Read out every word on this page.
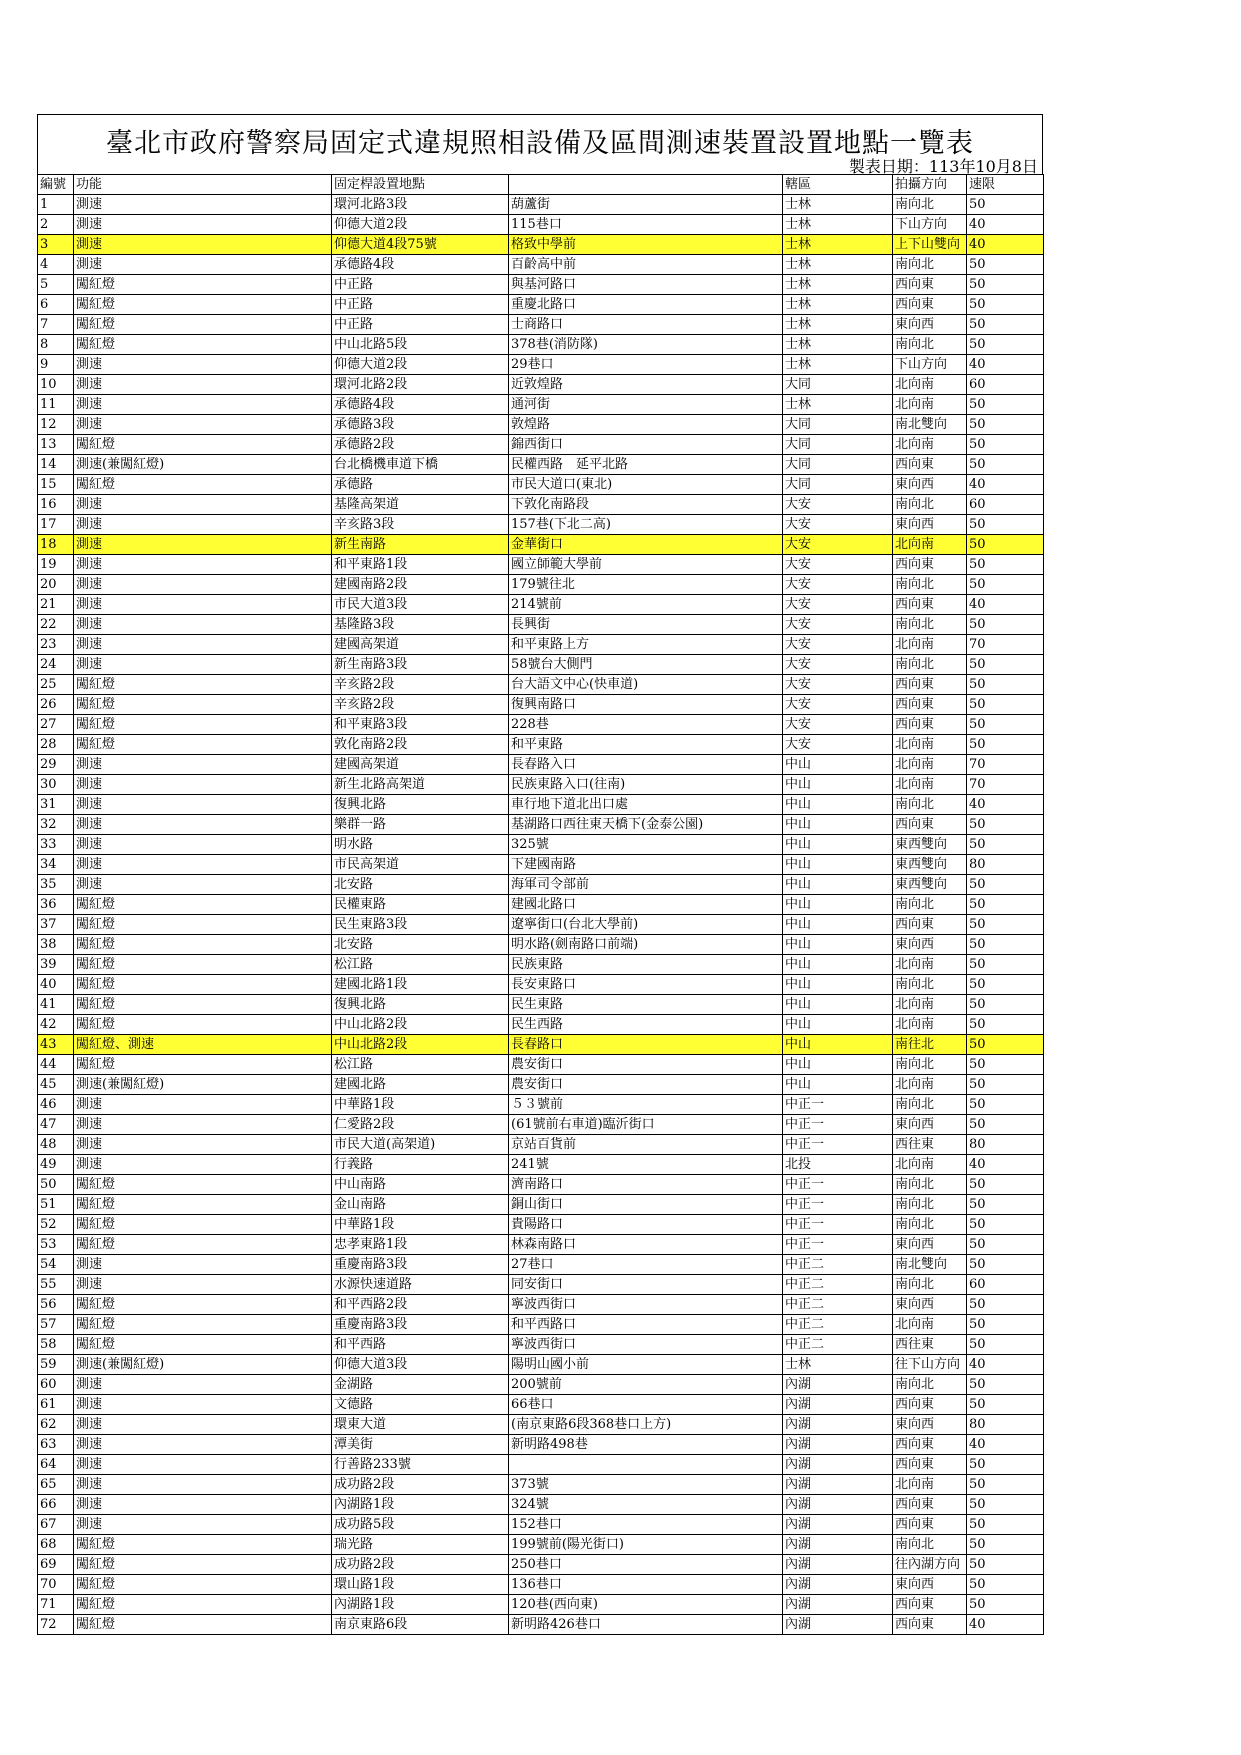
臺北市政府警察局固定式違規照相設備及區間測速裝置設置地點一覽表
製表日期：113年10月8日
編號	功能	固定桿設置地點		轄區	拍攝方向	速限
1	測速	環河北路3段	葫蘆街	士林	南向北	50
2	測速	仰德大道2段	115巷口	士林	下山方向	40
3	測速	仰德大道4段75號	格致中學前	士林	上下山雙向	40
4	測速	承德路4段	百齡高中前	士林	南向北	50
5	闖紅燈	中正路	與基河路口	士林	西向東	50
6	闖紅燈	中正路	重慶北路口	士林	西向東	50
7	闖紅燈	中正路	士商路口	士林	東向西	50
8	闖紅燈	中山北路5段	378巷(消防隊)	士林	南向北	50
9	測速	仰德大道2段	29巷口	士林	下山方向	40
10	測速	環河北路2段	近敦煌路	大同	北向南	60
11	測速	承德路4段	通河街	士林	北向南	50
12	測速	承德路3段	敦煌路	大同	南北雙向	50
13	闖紅燈	承德路2段	錦西街口	大同	北向南	50
14	測速(兼闖紅燈)	台北橋機車道下橋	民權西路　延平北路	大同	西向東	50
15	闖紅燈	承德路	市民大道口(東北)	大同	東向西	40
16	測速	基隆高架道	下敦化南路段	大安	南向北	60
17	測速	辛亥路3段	157巷(下北二高)	大安	東向西	50
18	測速	新生南路	金華街口	大安	北向南	50
19	測速	和平東路1段	國立師範大學前	大安	西向東	50
20	測速	建國南路2段	179號往北	大安	南向北	50
21	測速	市民大道3段	214號前	大安	西向東	40
22	測速	基隆路3段	長興街	大安	南向北	50
23	測速	建國高架道	和平東路上方	大安	北向南	70
24	測速	新生南路3段	58號台大側門	大安	南向北	50
25	闖紅燈	辛亥路2段	台大語文中心(快車道)	大安	西向東	50
26	闖紅燈	辛亥路2段	復興南路口	大安	西向東	50
27	闖紅燈	和平東路3段	228巷	大安	西向東	50
28	闖紅燈	敦化南路2段	和平東路	大安	北向南	50
29	測速	建國高架道	長春路入口	中山	北向南	70
30	測速	新生北路高架道	民族東路入口(往南)	中山	北向南	70
31	測速	復興北路	車行地下道北出口處	中山	南向北	40
32	測速	樂群一路	基湖路口西往東天橋下(金泰公園)	中山	西向東	50
33	測速	明水路	325號	中山	東西雙向	50
34	測速	市民高架道	下建國南路	中山	東西雙向	80
35	測速	北安路	海軍司令部前	中山	東西雙向	50
36	闖紅燈	民權東路	建國北路口	中山	南向北	50
37	闖紅燈	民生東路3段	遼寧街口(台北大學前)	中山	西向東	50
38	闖紅燈	北安路	明水路(劍南路口前端)	中山	東向西	50
39	闖紅燈	松江路	民族東路	中山	北向南	50
40	闖紅燈	建國北路1段	長安東路口	中山	南向北	50
41	闖紅燈	復興北路	民生東路	中山	北向南	50
42	闖紅燈	中山北路2段	民生西路	中山	北向南	50
43	闖紅燈、測速	中山北路2段	長春路口	中山	南往北	50
44	闖紅燈	松江路	農安街口	中山	南向北	50
45	測速(兼闖紅燈)	建國北路	農安街口	中山	北向南	50
46	測速	中華路1段	５３號前	中正一	南向北	50
47	測速	仁愛路2段	(61號前右車道)臨沂街口	中正一	東向西	50
48	測速	市民大道(高架道)	京站百貨前	中正一	西往東	80
49	測速	行義路	241號	北投	北向南	40
50	闖紅燈	中山南路	濟南路口	中正一	南向北	50
51	闖紅燈	金山南路	銅山街口	中正一	南向北	50
52	闖紅燈	中華路1段	貴陽路口	中正一	南向北	50
53	闖紅燈	忠孝東路1段	林森南路口	中正一	東向西	50
54	測速	重慶南路3段	27巷口	中正二	南北雙向	50
55	測速	水源快速道路	同安街口	中正二	南向北	60
56	闖紅燈	和平西路2段	寧波西街口	中正二	東向西	50
57	闖紅燈	重慶南路3段	和平西路口	中正二	北向南	50
58	闖紅燈	和平西路	寧波西街口	中正二	西往東	50
59	測速(兼闖紅燈)	仰德大道3段	陽明山國小前	士林	往下山方向	40
60	測速	金湖路	200號前	內湖	南向北	50
61	測速	文德路	66巷口	內湖	西向東	50
62	測速	環東大道	(南京東路6段368巷口上方)	內湖	東向西	80
63	測速	潭美街	新明路498巷	內湖	西向東	40
64	測速	行善路233號		內湖	西向東	50
65	測速	成功路2段	373號	內湖	北向南	50
66	測速	內湖路1段	324號	內湖	西向東	50
67	測速	成功路5段	152巷口	內湖	西向東	50
68	闖紅燈	瑞光路	199號前(陽光街口)	內湖	南向北	50
69	闖紅燈	成功路2段	250巷口	內湖	往內湖方向	50
70	闖紅燈	環山路1段	136巷口	內湖	東向西	50
71	闖紅燈	內湖路1段	120巷(西向東)	內湖	西向東	50
72	闖紅燈	南京東路6段	新明路426巷口	內湖	西向東	40
